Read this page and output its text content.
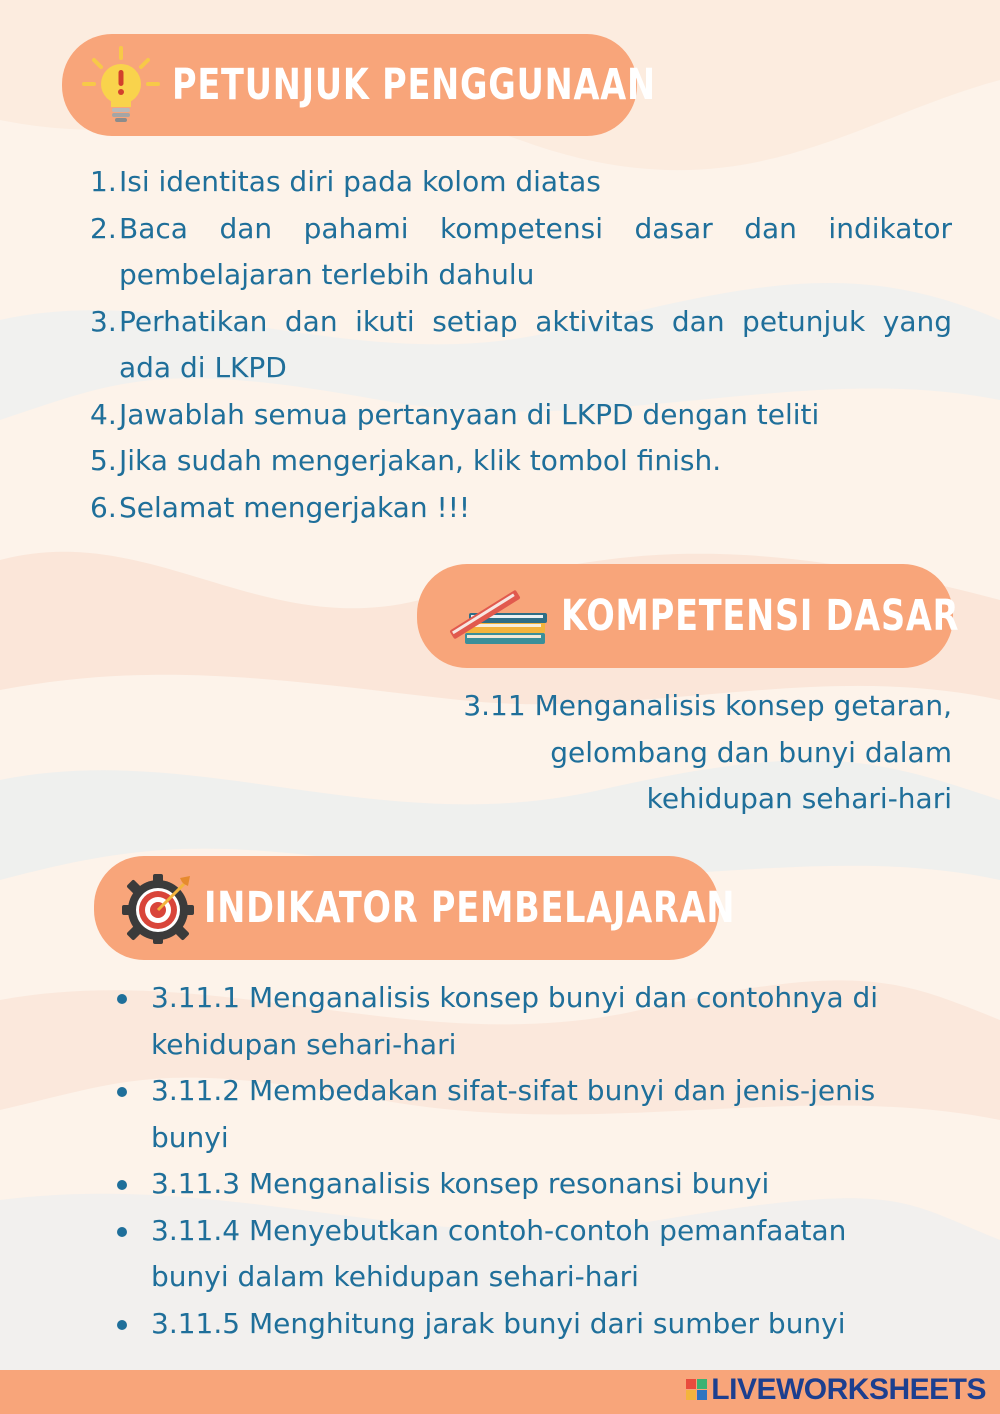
PETUNJUK PENGGUNAAN
1. Isi identitas diri pada kolom diatas
2. Baca dan pahami kompetensi dasar dan indikator pembelajaran terlebih dahulu
3. Perhatikan dan ikuti setiap aktivitas dan petunjuk yang ada di LKPD
4. Jawablah semua pertanyaan di LKPD dengan teliti
5. Jika sudah mengerjakan, klik tombol finish.
6. Selamat mengerjakan !!!
KOMPETENSI DASAR
3.11 Menganalisis konsep getaran,
gelombang dan bunyi dalam
kehidupan sehari-hari
INDIKATOR PEMBELAJARAN
3.11.1 Menganalisis konsep bunyi dan contohnya di kehidupan sehari-hari
3.11.2 Membedakan sifat-sifat bunyi dan jenis-jenis bunyi
3.11.3 Menganalisis konsep resonansi bunyi
3.11.4 Menyebutkan contoh-contoh pemanfaatan bunyi dalam kehidupan sehari-hari
3.11.5 Menghitung jarak bunyi dari sumber bunyi
LIVEWORKSHEETS
